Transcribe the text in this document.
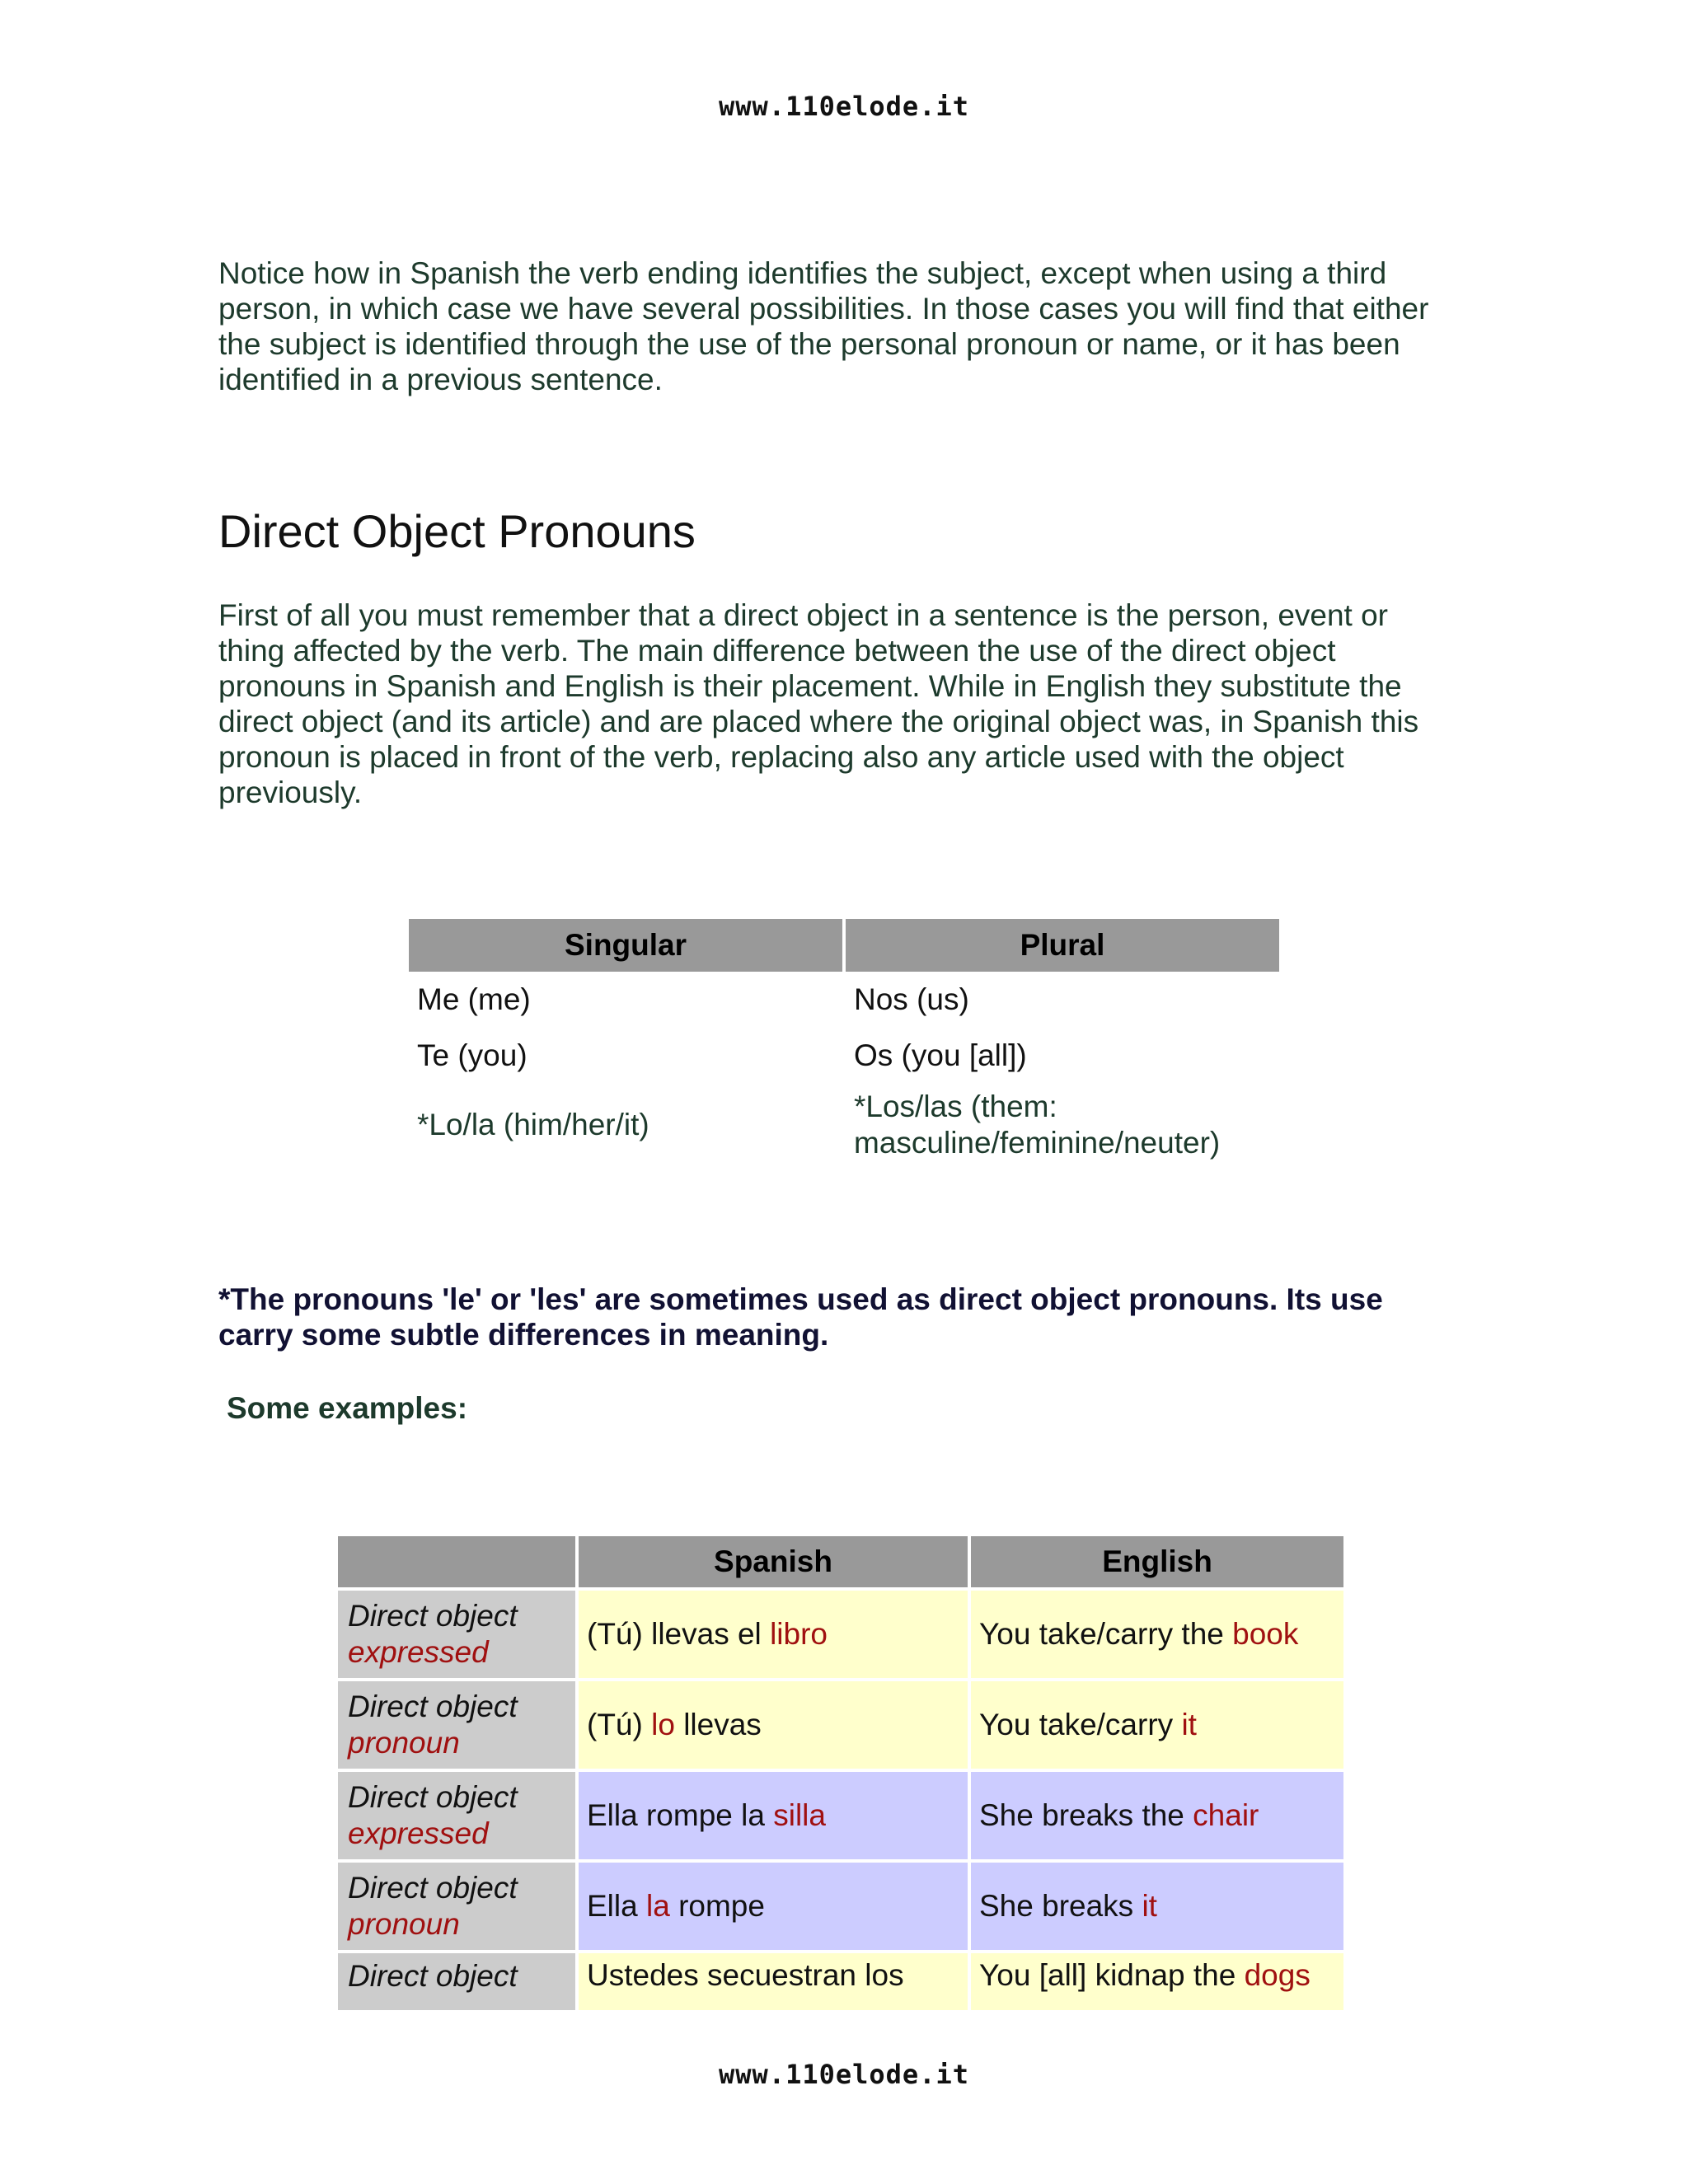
www.110elode.it

Notice how in Spanish the verb ending identifies the subject, except when using a third person, in which case we have several possibilities. In those cases you will find that either the subject is identified through the use of the personal pronoun or name, or it has been identified in a previous sentence.

Direct Object Pronouns

First of all you must remember that a direct object in a sentence is the person, event or thing affected by the verb. The main difference between the use of the direct object pronouns in Spanish and English is their placement. While in English they substitute the direct object (and its article) and are placed where the original object was, in Spanish this pronoun is placed in front of the verb, replacing also any article used with the object previously.

Singular	Plural
Me (me)	Nos (us)
Te (you)	Os (you [all])
*Lo/la (him/her/it)	*Los/las (them: masculine/feminine/neuter)

*The pronouns 'le' or 'les' are sometimes used as direct object pronouns. Its use carry some subtle differences in meaning.

Some examples:

	Spanish	English

Direct object
expressed	(Tú) llevas el libro	You take/carry the book

Direct object
pronoun	(Tú) lo llevas	You take/carry it

Direct object
expressed	Ella rompe la silla	She breaks the chair

Direct object
pronoun	Ella la rompe	She breaks it

Direct object	Ustedes secuestran los	You [all] kidnap the dogs
www.110elode.it
